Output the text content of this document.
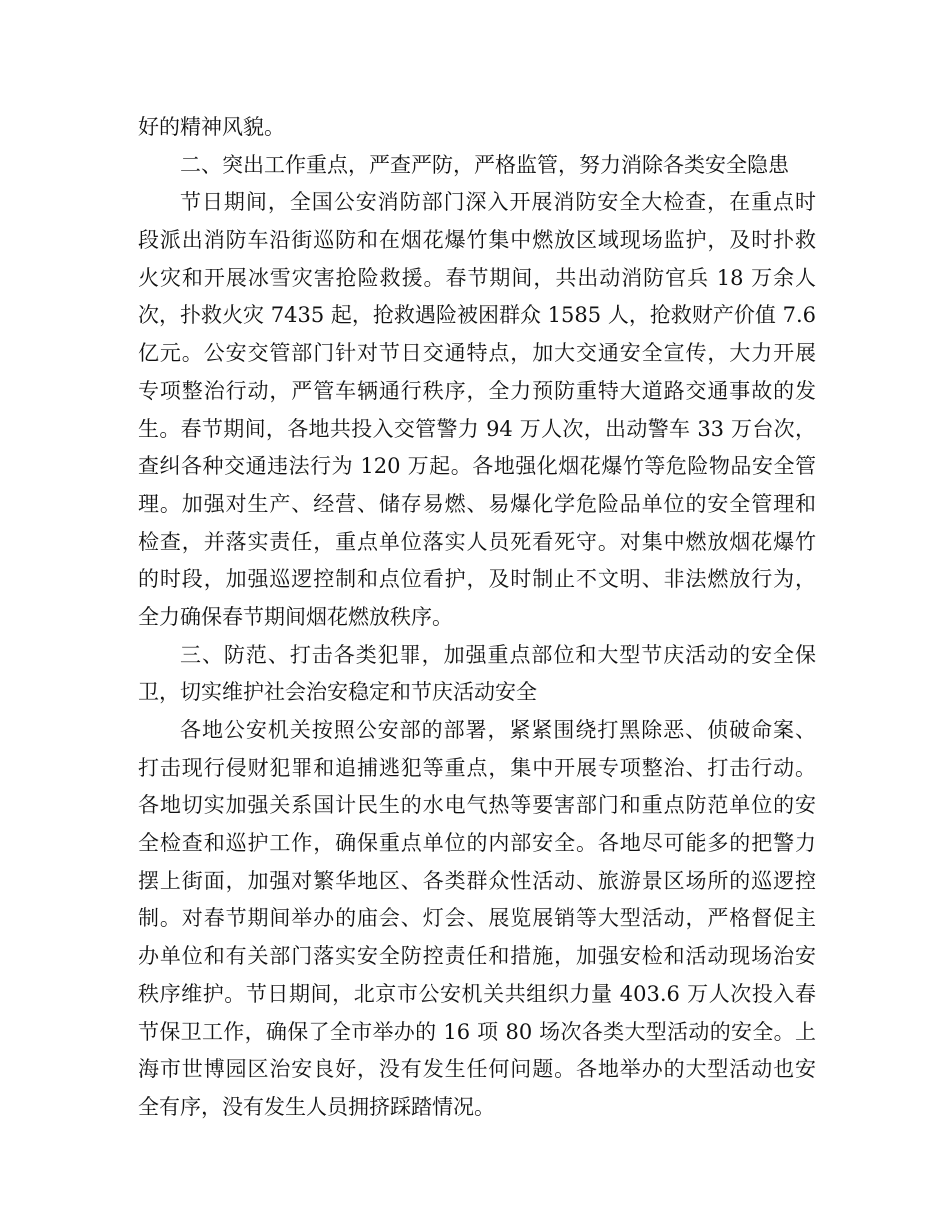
好的精神风貌。
二、突出工作重点，严查严防，严格监管，努力消除各类安全隐患
节日期间，全国公安消防部门深入开展消防安全大检查，在重点时
段派出消防车沿街巡防和在烟花爆竹集中燃放区域现场监护，及时扑救
火灾和开展冰雪灾害抢险救援。春节期间，共出动消防官兵 18 万余人
次，扑救火灾 7435 起，抢救遇险被困群众 1585 人，抢救财产价值 7.6
亿元。公安交管部门针对节日交通特点，加大交通安全宣传，大力开展
专项整治行动，严管车辆通行秩序，全力预防重特大道路交通事故的发
生。春节期间，各地共投入交管警力 94 万人次，出动警车 33 万台次，
查纠各种交通违法行为 120 万起。各地强化烟花爆竹等危险物品安全管
理。加强对生产、经营、储存易燃、易爆化学危险品单位的安全管理和
检查，并落实责任，重点单位落实人员死看死守。对集中燃放烟花爆竹
的时段，加强巡逻控制和点位看护，及时制止不文明、非法燃放行为，
全力确保春节期间烟花燃放秩序。
三、防范、打击各类犯罪，加强重点部位和大型节庆活动的安全保
卫，切实维护社会治安稳定和节庆活动安全
各地公安机关按照公安部的部署，紧紧围绕打黑除恶、侦破命案、
打击现行侵财犯罪和追捕逃犯等重点，集中开展专项整治、打击行动。
各地切实加强关系国计民生的水电气热等要害部门和重点防范单位的安
全检查和巡护工作，确保重点单位的内部安全。各地尽可能多的把警力
摆上街面，加强对繁华地区、各类群众性活动、旅游景区场所的巡逻控
制。对春节期间举办的庙会、灯会、展览展销等大型活动，严格督促主
办单位和有关部门落实安全防控责任和措施，加强安检和活动现场治安
秩序维护。节日期间，北京市公安机关共组织力量 403.6 万人次投入春
节保卫工作，确保了全市举办的 16 项 80 场次各类大型活动的安全。上
海市世博园区治安良好，没有发生任何问题。各地举办的大型活动也安
全有序，没有发生人员拥挤踩踏情况。
